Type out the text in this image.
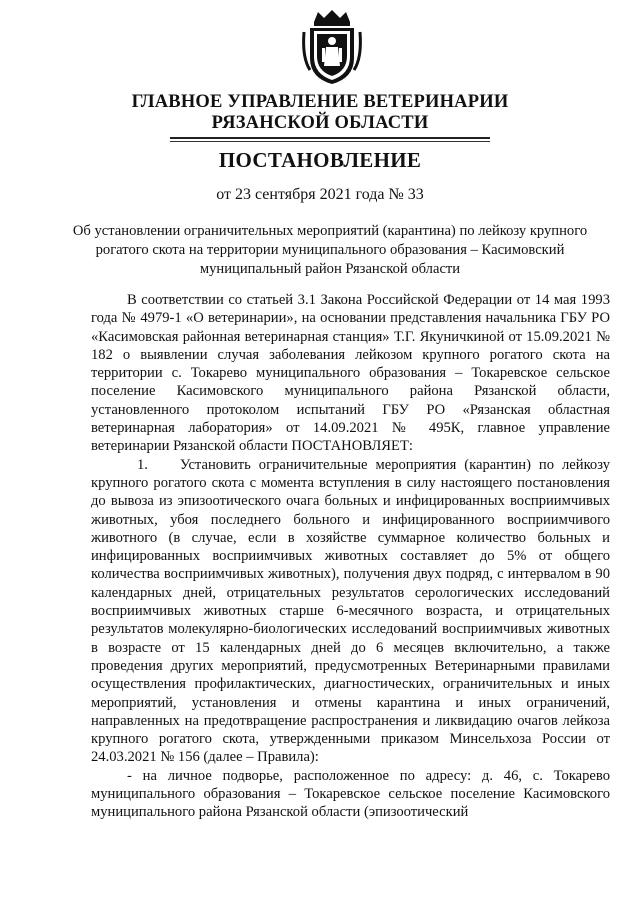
ГЛАВНОЕ УПРАВЛЕНИЕ ВЕТЕРИНАРИИ
РЯЗАНСКОЙ ОБЛАСТИ
ПОСТАНОВЛЕНИЕ
от 23 сентября 2021 года № 33
Об установлении ограничительных мероприятий (карантина) по лейкозу крупного рогатого скота на территории муниципального образования – Касимовский муниципальный район Рязанской области

В соответствии со статьей 3.1 Закона Российской Федерации от 14 мая 1993 года № 4979-1 «О ветеринарии», на основании представления начальника ГБУ РО «Касимовская районная ветеринарная станция» Т.Г. Якуничкиной от 15.09.2021 № 182 о выявлении случая заболевания лейкозом крупного рогатого скота на территории с. Токарево муниципального образования – Токаревское сельское поселение Касимовского муниципального района Рязанской области, установленного протоколом испытаний ГБУ РО «Рязанская областная ветеринарная лаборатория» от 14.09.2021 № 495К, главное управление ветеринарии Рязанской области ПОСТАНОВЛЯЕТ:

1.    Установить ограничительные мероприятия (карантин) по лейкозу крупного рогатого скота с момента вступления в силу настоящего постановления до вывоза из эпизоотического очага больных и инфицированных восприимчивых животных, убоя последнего больного и инфицированного восприимчивого животного (в случае, если в хозяйстве суммарное количество больных и инфицированных восприимчивых животных составляет до 5% от общего количества восприимчивых животных), получения двух подряд, с интервалом в 90 календарных дней, отрицательных результатов серологических исследований восприимчивых животных старше 6-месячного возраста, и отрицательных результатов молекулярно-биологических исследований восприимчивых животных в возрасте от 15 календарных дней до 6 месяцев включительно, а также проведения других мероприятий, предусмотренных Ветеринарными правилами осуществления профилактических, диагностических, ограничительных и иных мероприятий, установления и отмены карантина и иных ограничений, направленных на предотвращение распространения и ликвидацию очагов лейкоза крупного рогатого скота, утвержденными приказом Минсельхоза России от 24.03.2021 № 156 (далее – Правила):

- на личное подворье, расположенное по адресу: д. 46, с. Токарево муниципального образования – Токаревское сельское поселение Касимовского муниципального района Рязанской области (эпизоотический
